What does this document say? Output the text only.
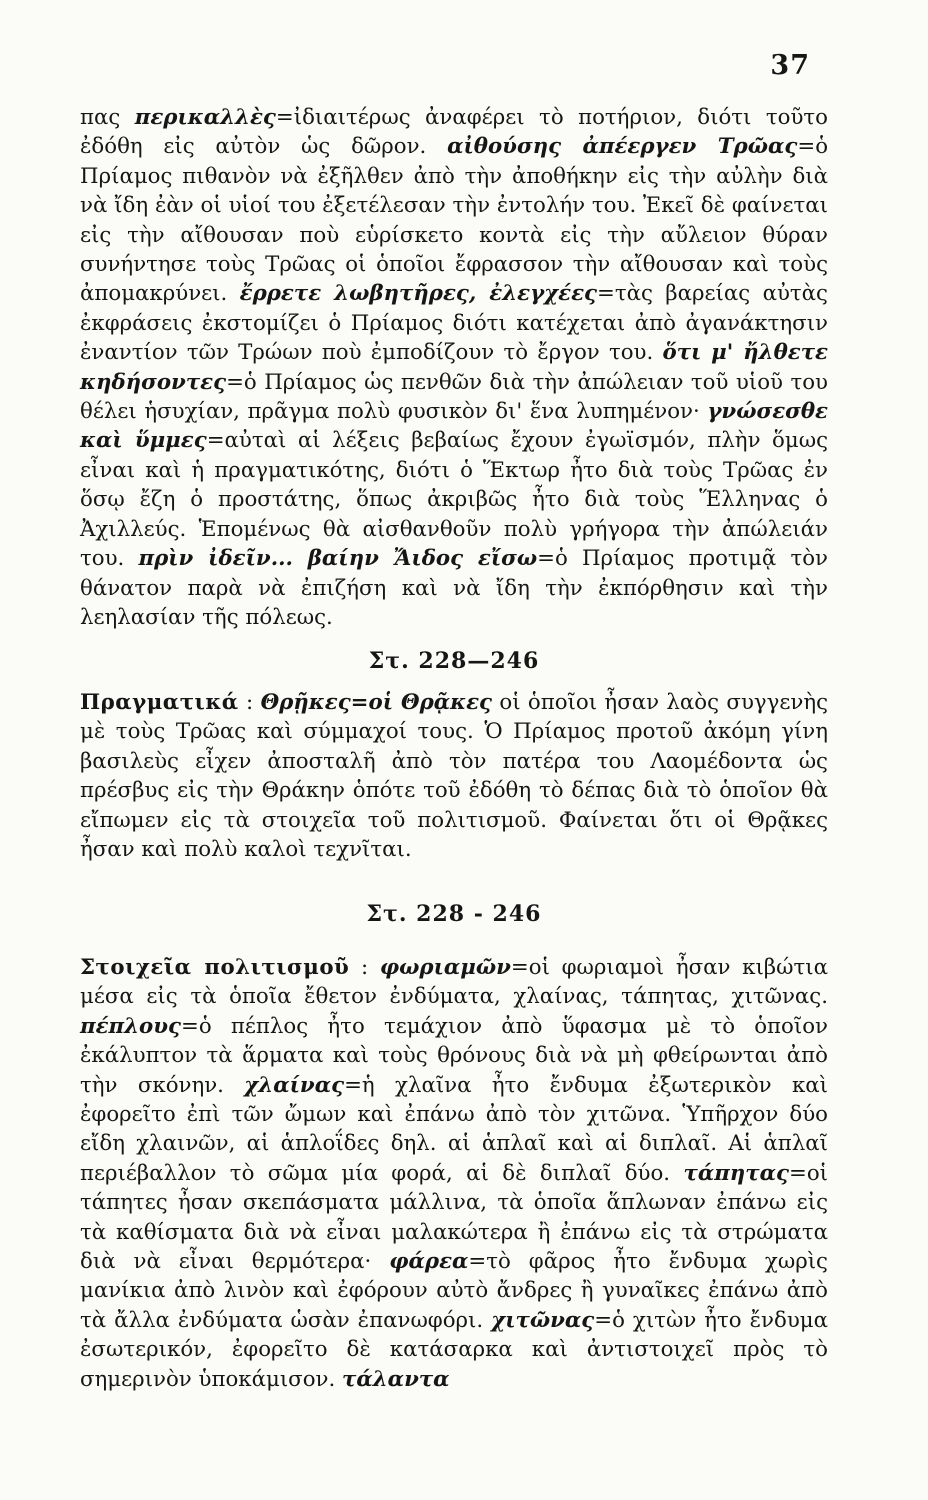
37
πας περικαλλὲς=ἰδιαιτέρως ἀναφέρει τὸ ποτήριον, διότι τοῦτο ἐδόθη εἰς αὐτὸν ὡς δῶρον. αἰθούσης ἀπέεργεν Τρῶας=ὁ Πρίαμος πιθανὸν νὰ ἐξῆλθεν ἀπὸ τὴν ἀποθήκην εἰς τὴν αὐλὴν διὰ νὰ ἴδη ἐὰν οἱ υἱοί του ἐξετέλεσαν τὴν ἐντολήν του. Ἐκεῖ δὲ φαίνεται εἰς τὴν αἴθουσαν ποὺ εὑρίσκετο κοντὰ εἰς τὴν αὔλειον θύραν συνήντησε τοὺς Τρῶας οἱ ὁποῖοι ἔφρασσον τὴν αἴθουσαν καὶ τοὺς ἀπομακρύνει. ἔρρετε λωβητῆρες, ἐλεγχέες=τὰς βαρείας αὐτὰς ἐκφράσεις ἐκστομίζει ὁ Πρίαμος διότι κατέχεται ἀπὸ ἀγανάκτησιν ἐναντίον τῶν Τρώων ποὺ ἐμποδίζουν τὸ ἔργον του. ὅτι μ' ἤλθετε κηδήσοντες=ὁ Πρίαμος ὡς πενθῶν διὰ τὴν ἀπώλειαν τοῦ υἱοῦ του θέλει ἡσυχίαν, πρᾶγμα πολὺ φυσικὸν δι' ἕνα λυπημένον· γνώσεσθε καὶ ὕμμες=αὐταὶ αἱ λέξεις βεβαίως ἔχουν ἐγωϊσμόν, πλὴν ὅμως εἶναι καὶ ἡ πραγματικότης, διότι ὁ Ἕκτωρ ἦτο διὰ τοὺς Τρῶας ἐν ὅσῳ ἔζη ὁ προστάτης, ὅπως ἀκριβῶς ἦτο διὰ τοὺς Ἕλληνας ὁ Ἀχιλλεύς. Ἑπομένως θὰ αἰσθανθοῦν πολὺ γρήγορα τὴν ἀπώλειάν του. πρὶν ἰδεῖν... βαίην Ἄιδος εἴσω=ὁ Πρίαμος προτιμᾷ τὸν θάνατον παρὰ νὰ ἐπιζήση καὶ νὰ ἴδη τὴν ἐκπόρθησιν καὶ τὴν λεηλασίαν τῆς πόλεως.
Στ. 228—246
Πραγματικά : Θρῇκες=οἱ Θρᾷκες οἱ ὁποῖοι ἦσαν λαὸς συγγενὴς μὲ τοὺς Τρῶας καὶ σύμμαχοί τους. Ὁ Πρίαμος προτοῦ ἀκόμη γίνη βασιλεὺς εἶχεν ἀποσταλῆ ἀπὸ τὸν πατέρα του Λαομέδοντα ὡς πρέσβυς εἰς τὴν Θράκην ὁπότε τοῦ ἐδόθη τὸ δέπας διὰ τὸ ὁποῖον θὰ εἴπωμεν εἰς τὰ στοιχεῖα τοῦ πολιτισμοῦ. Φαίνεται ὅτι οἱ Θρᾷκες ἦσαν καὶ πολὺ καλοὶ τεχνῖται.
Στ. 228 - 246
Στοιχεῖα πολιτισμοῦ : φωριαμῶν=οἱ φωριαμοὶ ἦσαν κιβώτια μέσα εἰς τὰ ὁποῖα ἔθετον ἐνδύματα, χλαίνας, τάπητας, χιτῶνας. πέπλους=ὁ πέπλος ἦτο τεμάχιον ἀπὸ ὕφασμα μὲ τὸ ὁποῖον ἐκάλυπτον τὰ ἅρματα καὶ τοὺς θρόνους διὰ νὰ μὴ φθείρωνται ἀπὸ τὴν σκόνην. χλαίνας=ἡ χλαῖνα ἦτο ἔνδυμα ἐξωτερικὸν καὶ ἐφορεῖτο ἐπὶ τῶν ὤμων καὶ ἐπάνω ἀπὸ τὸν χιτῶνα. Ὑπῆρχον δύο εἴδη χλαινῶν, αἱ ἁπλοΐδες δηλ. αἱ ἁπλαῖ καὶ αἱ διπλαῖ. Αἱ ἁπλαῖ περιέβαλλον τὸ σῶμα μία φορά, αἱ δὲ διπλαῖ δύο. τάπητας=οἱ τάπητες ἦσαν σκεπάσματα μάλλινα, τὰ ὁποῖα ἅπλωναν ἐπάνω εἰς τὰ καθίσματα διὰ νὰ εἶναι μαλακώτερα ἢ ἐπάνω εἰς τὰ στρώματα διὰ νὰ εἶναι θερμότερα· φάρεα=τὸ φᾶρος ἦτο ἔνδυμα χωρὶς μανίκια ἀπὸ λινὸν καὶ ἐφόρουν αὐτὸ ἄνδρες ἢ γυναῖκες ἐπάνω ἀπὸ τὰ ἄλλα ἐνδύματα ὡσὰν ἐπανωφόρι. χιτῶνας=ὁ χιτὼν ἦτο ἔνδυμα ἐσωτερικόν, ἐφορεῖτο δὲ κατάσαρκα καὶ ἀντιστοιχεῖ πρὸς τὸ σημερινὸν ὑποκάμισον. τάλαντα
